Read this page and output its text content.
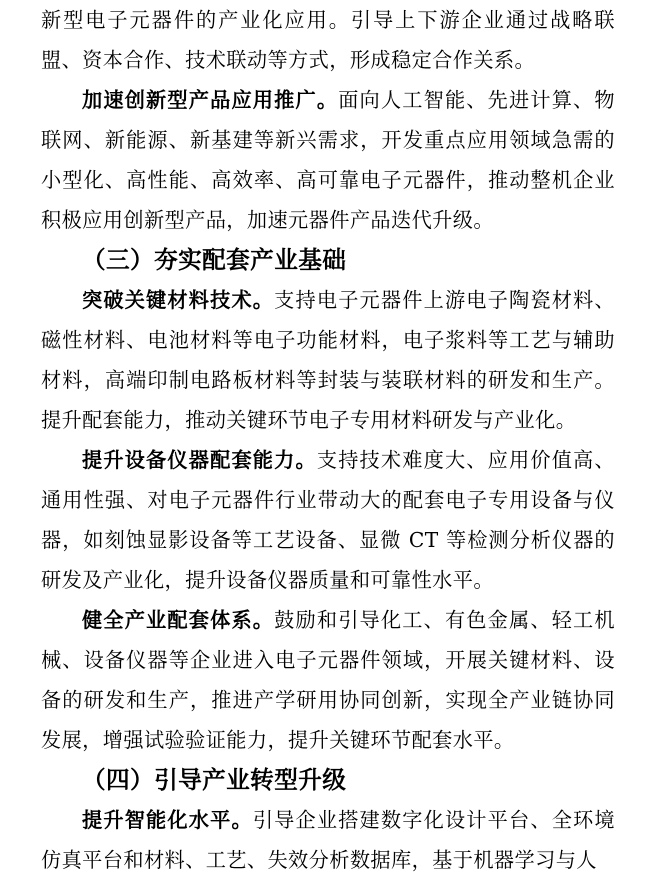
新型电子元器件的产业化应用。引导上下游企业通过战略联盟、资本合作、技术联动等方式，形成稳定合作关系。

加速创新型产品应用推广。面向人工智能、先进计算、物联网、新能源、新基建等新兴需求，开发重点应用领域急需的小型化、高性能、高效率、高可靠电子元器件，推动整机企业积极应用创新型产品，加速元器件产品迭代升级。

（三）夯实配套产业基础

突破关键材料技术。支持电子元器件上游电子陶瓷材料、磁性材料、电池材料等电子功能材料，电子浆料等工艺与辅助材料，高端印制电路板材料等封装与装联材料的研发和生产。提升配套能力，推动关键环节电子专用材料研发与产业化。

提升设备仪器配套能力。支持技术难度大、应用价值高、通用性强、对电子元器件行业带动大的配套电子专用设备与仪器，如刻蚀显影设备等工艺设备、显微 CT 等检测分析仪器的研发及产业化，提升设备仪器质量和可靠性水平。

健全产业配套体系。鼓励和引导化工、有色金属、轻工机械、设备仪器等企业进入电子元器件领域，开展关键材料、设备的研发和生产，推进产学研用协同创新，实现全产业链协同发展，增强试验验证能力，提升关键环节配套水平。

（四）引导产业转型升级

提升智能化水平。引导企业搭建数字化设计平台、全环境仿真平台和材料、工艺、失效分析数据库，基于机器学习与人
